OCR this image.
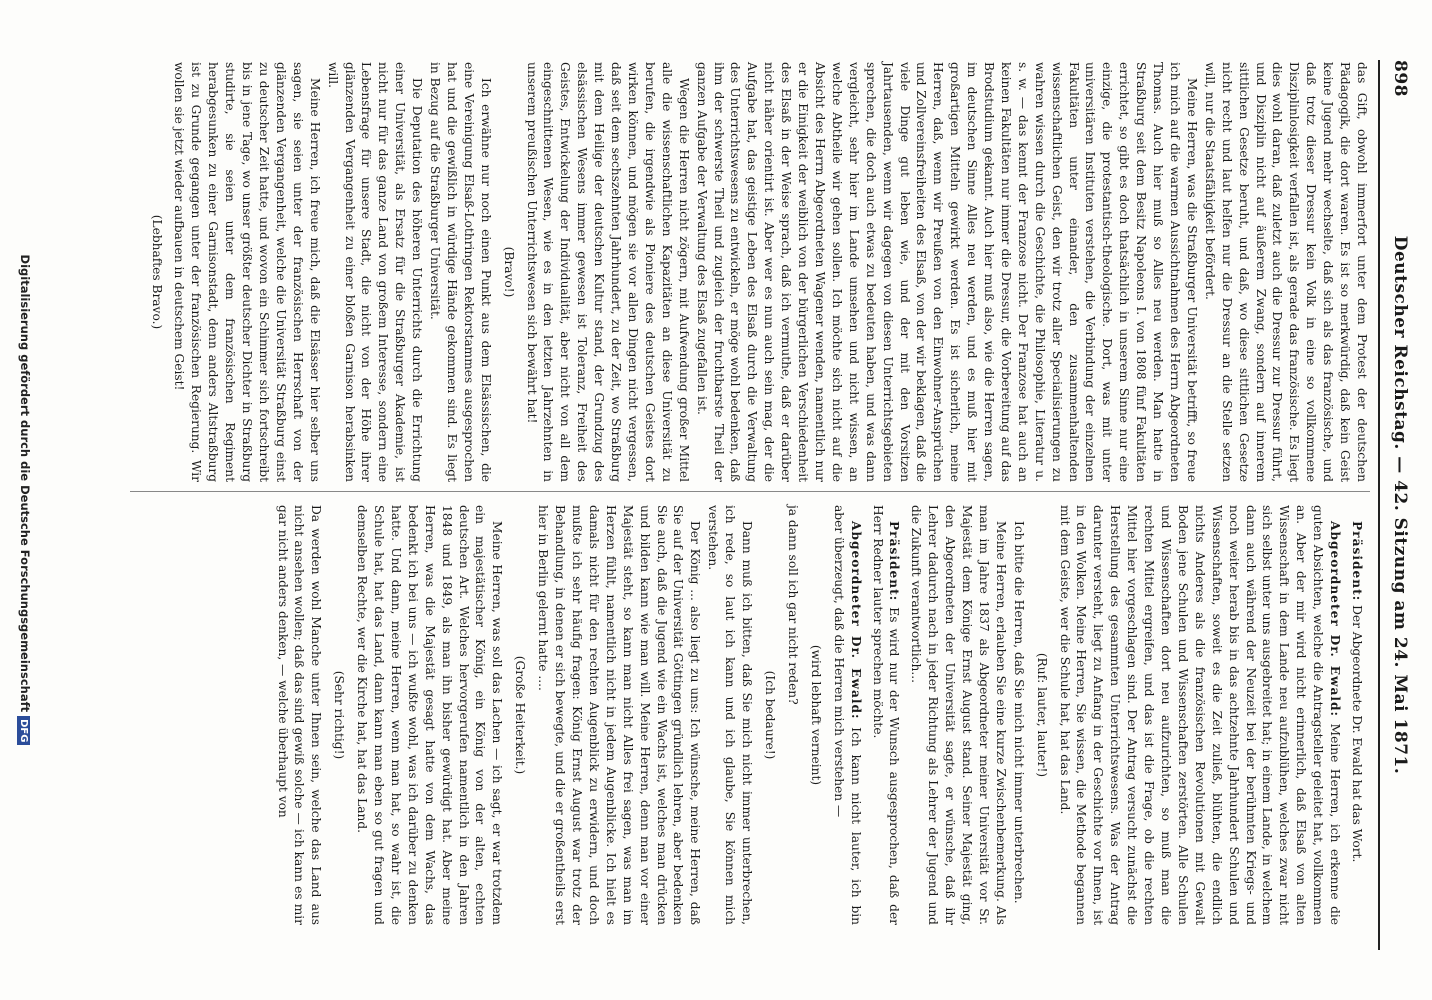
898
Deutscher Reichstag. — 42. Sitzung am 24. Mai 1871.

das Gift, obwohl immerfort unter dem Protest der deutschen Pädagogik, die dort waren. Es ist so merkwürdig, daß kein Geist keine Jugend mehr wechselte, daß sich als das französische, und daß trotz dieser Dressur kein Volk in eine so vollkommene Disziplinlosigkeit verfallen ist, als gerade das französische. Es liegt dies wohl daran, daß zuletzt auch die Dressur zur Dressur führt, und Disziplin nicht auf äußerem Zwang, sondern auf innerem sittlichen Gesetze beruht, und daß, wo diese sittlichen Gesetze nicht recht und laut helfen nur die Dressur an die Stelle setzen will, nur die Staatsfähigkeit befördert.

Meine Herren, was die Straßburger Universität betrifft, so freue ich mich auf die warmen Aussichtnahmen des Herrn Abgeordneten Thomas. Auch hier muß so Alles neu werden. Man hatte in Straßburg seit dem Besitz Napoleons I. von 1808 fünf Fakultäten errichtet, so gibt es doch thatsächlich in unserem Sinne nur eine einzige, die protestantisch-theologische. Dort, was mit unter universitären Instituten verstehen, die Verbindung der einzelnen Fakultäten unter einander, den zusammenhaltenden wissenschaftlichen Geist, den wir trotz aller Specialisierungen zu wahren wissen durch die Geschichte, die Philosophie, Literatur u. s. w. — das kennt der Franzose nicht. Der Franzose hat auch an keinen Fakultäten nur immer die Dressur, die Vorbereitung auf das Brodstudium gekannt. Auch hier muß also, wie die Herren sagen, im deutschen Sinne Alles neu werden, und es muß hier mit großartigen Mitteln gewirkt werden. Es ist sicherlich, meine Herren, daß, wenn wir Preußen von den Einwohner-Ansprüchen und Zollvereinsfreiheiten des Elsaß, von der wir beklagen, daß die viele Dinge gut leben wie, und der mit den Vorsitzen Jahrtausenden, wenn wir dagegen von diesen Unterrichtsgebieten sprechen, die doch auch etwas zu bedeuten haben, und was dann vergleicht, sehr hier im Lande umsehen und nicht wissen, an welche Abtheile wir gehen sollen. Ich möchte sich nicht auf die Absicht des Herrn Abgeordneten Wagener wenden, namentlich nur er die Einigkeit der weiblich von der bürgerlichen Verschiedenheit des Elsaß in der Weise sprach, daß ich vermuthe, daß er darüber nicht näher orientirt ist. Aber wer es nun auch sein mag, der die Aufgabe hat, das geistige Leben des Elsaß durch die Verwaltung des Unterrichtswesens zu entwickeln, er möge wohl bedenken, daß ihm der schwerste Theil und zugleich der fruchtbarste Theil der ganzen Aufgabe der Verwaltung des Elsaß zugefallen ist.

Wegen die Herren nicht zögern, mit Aufwendung großer Mittel alle die wissenschaftlichen Kapazitäten an diese Universität zu berufen, die irgendwie als Pioniere des deutschen Geistes dort wirken können, und mögen sie vor allen Dingen nicht vergessen, daß seit dem sechszehnten Jahrhundert, zu der Zeit, wo Straßburg mit dem Heilige der deutschen Kultur stand, der Grundzug des elsässischen Wesens immer gewesen ist Toleranz, Freiheit des Geistes, Entwickelung der Individualität, aber nicht von all dem eingeschnittenen Wesen, wie es in den letzten Jahrzehnten in unserem preußischen Unterrichtswesen sich bewährt hat!

(Bravo!)

Ich erwähne nur noch einen Punkt aus dem Elsässischen, die eine Vereinigung Elsaß-Lothringen Rektorstammes ausgesprochen hat und die gewißlich in würdige Hände gekommen sind. Es liegt in Bezug auf die Straßburger Universität.

Die Deputation des höheren Unterrichts durch die Errichtung einer Universität, als Ersatz für die Straßburger Akademie, ist nicht nur für das ganze Land von großem Interesse, sondern eine Lebensfrage für unsere Stadt, die nicht von der Höhe ihrer glänzenden Vergangenheit zu einer bloßen Garnison herabsinken will.

Meine Herren, ich freue mich, daß die Elsässer hier selber uns sagen, sie seien unter der französischen Herrschaft von der glänzenden Vergangenheit, welche die Universität Straßburg einst zu deutscher Zeit hatte, und wovon ein Schimmer sich fortschreibt bis in jene Tage, wo unser größter deutscher Dichter in Straßburg studirte, sie seien unter dem französischen Regiment herabgesunken zu einer Garnisonstadt, denn anders Altstraßburg ist zu Grunde gegangen unter der französischen Regierung. Wir wollen sie jetzt wieder aufbauen in deutschem Geist!

(Lebhaftes Bravo.)

Präsident: Der Abgeordnete Dr. Ewald hat das Wort.

Abgeordneter Dr. Ewald: Meine Herren, ich erkenne die guten Absichten, welche die Antragsteller geleitet hat, vollkommen an. Aber der mir wird nicht erinnerlich, daß Elsaß von alten Wissenschaft in dem Lande neu aufzublühen, welches zwar nicht sich selbst unter uns ausgebreitet hat; in einem Lande, in welchem dann auch während der Neuzeit bei der berühmten Kriegs- und noch weiter herab bis in das achtzehnte Jahrhundert Schulen und Wissenschaften, soweit es die Zeit zuließ, blühten, die endlich nichts Anderes als die französischen Revolutionen mit Gewalt Boden jene Schulen und Wissenschaften zerstörten. Alle Schulen und Wissenschaften dort neu aufzurichten, so muß man die rechten Mittel ergreifen, und das ist die Frage, ob die rechten Mittel hier vorgeschlagen sind. Der Antrag versucht zunächst die Herstellung des gesammten Unterrichtswesens. Was der Antrag darunter versteht, liegt zu Anfang in der Geschichte vor Ihnen, ist in den Wolken. Meine Herren, Sie wissen, die Methode begannen mit dem Geiste, wer die Schule hat, hat das Land.

(Ruf: lauter, lauter!)

Ich bitte die Herren, daß Sie mich nicht immer unterbrechen.

Meine Herren, erlauben Sie eine kurze Zwischenbemerkung. Als man im Jahre 1837 als Abgeordneter meiner Universität vor Sr. Majestät dem Könige Ernst August stand. Seiner Majestät ging, den Abgeordneten der Universität sagte, er wünsche, daß ihr Lehrer dadurch nach in jeder Richtung als Lehrer der Jugend und die Zukunft verantwortlich...

Präsident: Es wird nur der Wunsch ausgesprochen, daß der Herr Redner lauter sprechen möchte.

Abgeordneter Dr. Ewald: Ich kann nicht lauter, ich bin aber überzeugt, daß die Herren mich verstehen —

(wird lebhaft verneint)

ja dann soll ich gar nicht reden?

(Ich bedaure!)

Dann muß ich bitten, daß Sie mich nicht immer unterbrechen, ich rede, so laut ich kann und ich glaube, Sie können mich verstehen.

Der König ... also liegt zu uns: Ich wünsche, meine Herren, daß Sie auf der Universität Göttingen gründlich lehren, aber bedenken Sie auch, daß die Jugend wie ein Wachs ist, welches man drücken und bilden kann wie man will. Meine Herren, denn man vor einer Majestät steht, so kann man nicht Alles frei sagen, was man im Herzen fühlt, namentlich nicht in jedem Augenblicke. Ich hielt es damals nicht für den rechten Augenblick zu erwidern, und doch mußte ich sehr häufig fragen: König Ernst August war trotz der Behandlung, in denen er sich bewegte, und die er großentheils erst hier in Berlin gelernt hatte ....

(Große Heiterkeit.)

Meine Herren, was soll das Lachen — ich sagt, er war trotzdem ein majestätischer König, ein König von der alten, echten deutschen Art. Welches hervorgerufen namentlich in den Jahren 1848 und 1849, als man ihn bisher gewürdigt hat. Aber meine Herren, was die Majestät gesagt hatte von dem Wachs, das bedenkt ich bei uns — ich wußte wohl, was ich darüber zu denken hatte. Und dann, meine Herren, wenn man hat, so wahr ist, die Schule hat, hat das Land, dann kann man eben so gut fragen und demselben Rechte, wer die Kirche hat, hat das Land.

(Sehr richtig!)

Da werden wohl Manche unter Ihnen sein, welche das Land aus nicht ansehen wollen; daß das sind gewiß solche — ich kann es mir gar nicht anders denken, — welche überhaupt von

Digitalisierung gefördert durch die Deutsche ForschungsgemeinschaftDFG
